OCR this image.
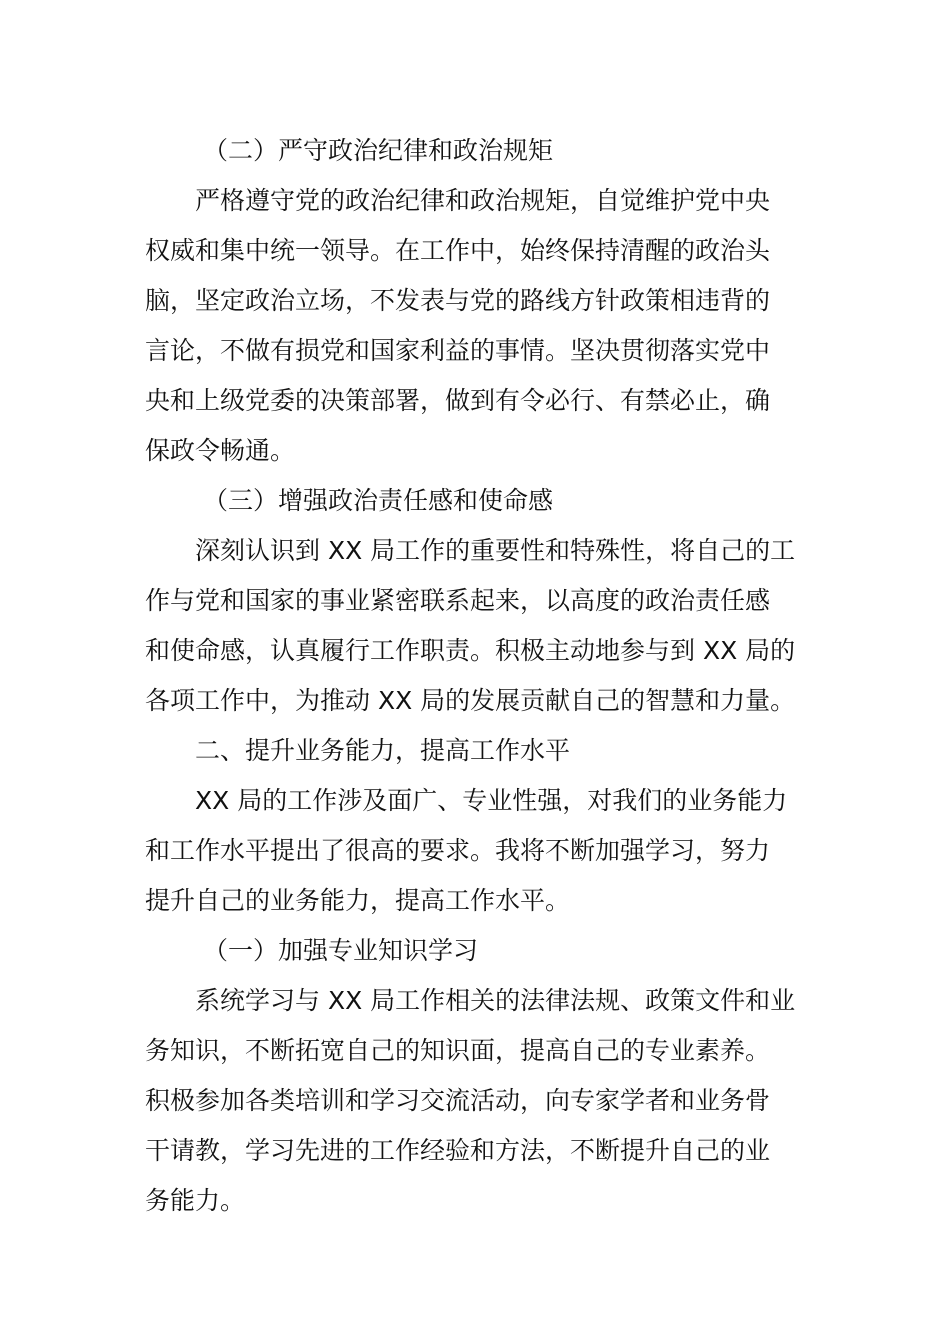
（二）严守政治纪律和政治规矩

严格遵守党的政治纪律和政治规矩，自觉维护党中央
权威和集中统一领导。在工作中，始终保持清醒的政治头
脑，坚定政治立场，不发表与党的路线方针政策相违背的
言论，不做有损党和国家利益的事情。坚决贯彻落实党中
央和上级党委的决策部署，做到有令必行、有禁必止，确
保政令畅通。

（三）增强政治责任感和使命感

深刻认识到 XX 局工作的重要性和特殊性，将自己的工
作与党和国家的事业紧密联系起来，以高度的政治责任感
和使命感，认真履行工作职责。积极主动地参与到 XX 局的
各项工作中，为推动 XX 局的发展贡献自己的智慧和力量。

二、提升业务能力，提高工作水平

XX 局的工作涉及面广、专业性强，对我们的业务能力
和工作水平提出了很高的要求。我将不断加强学习，努力
提升自己的业务能力，提高工作水平。

（一）加强专业知识学习

系统学习与 XX 局工作相关的法律法规、政策文件和业
务知识，不断拓宽自己的知识面，提高自己的专业素养。
积极参加各类培训和学习交流活动，向专家学者和业务骨
干请教，学习先进的工作经验和方法，不断提升自己的业
务能力。
